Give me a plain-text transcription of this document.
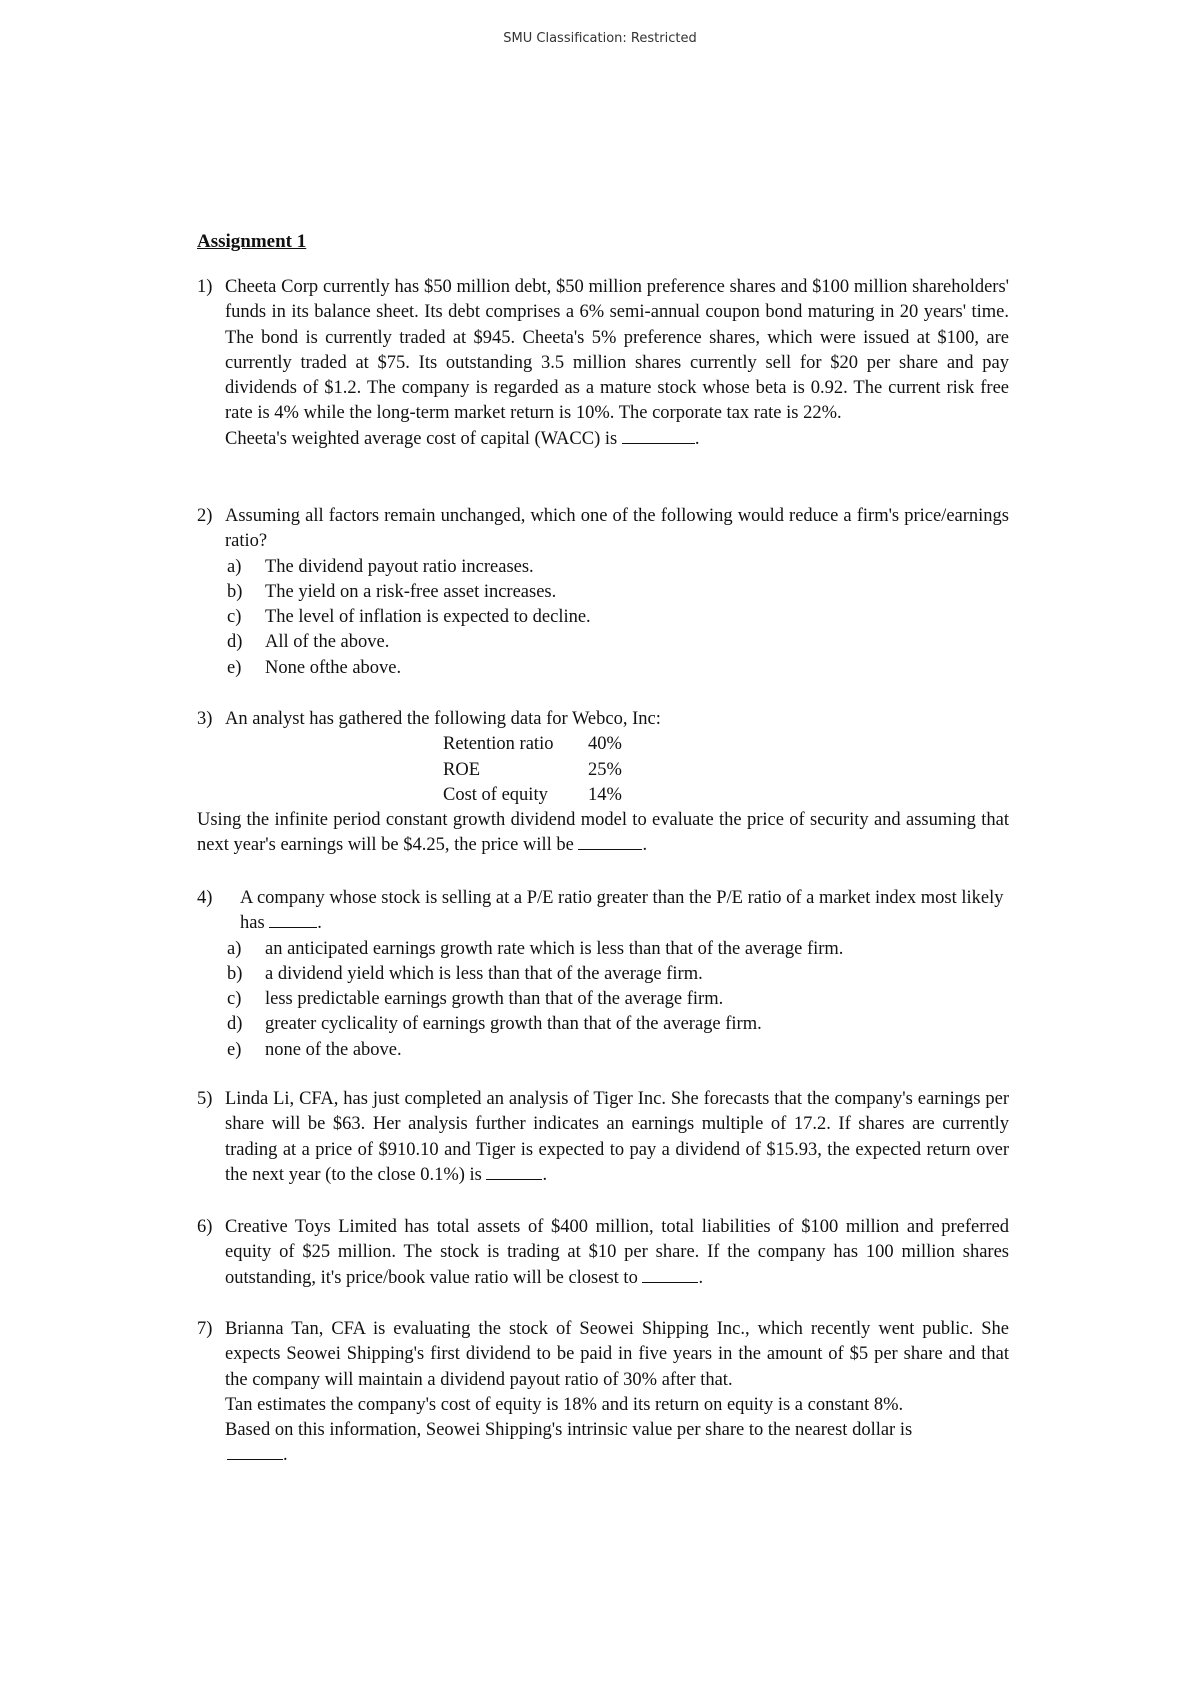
SMU Classification: Restricted
Assignment 1
1) Cheeta Corp currently has $50 million debt, $50 million preference shares and $100 million shareholders' funds in its balance sheet. Its debt comprises a 6% semi-annual coupon bond maturing in 20 years' time. The bond is currently traded at $945. Cheeta's 5% preference shares, which were issued at $100, are currently traded at $75. Its outstanding 3.5 million shares currently sell for $20 per share and pay dividends of $1.2. The company is regarded as a mature stock whose beta is 0.92. The current risk free rate is 4% while the long-term market return is 10%. The corporate tax rate is 22%.
Cheeta's weighted average cost of capital (WACC) is	.
2) Assuming all factors remain unchanged, which one of the following would reduce a firm's price/earnings ratio?
a) The dividend payout ratio increases.
b) The yield on a risk-free asset increases.
c) The level of inflation is expected to decline.
d) All of the above.
e) None ofthe above.
3) An analyst has gathered the following data for Webco, Inc:
Retention ratio	40%
ROE	25%
Cost of equity	14%
Using the infinite period constant growth dividend model to evaluate the price of security and assuming that next year's earnings will be $4.25, the price will be	.
4) A company whose stock is selling at a P/E ratio greater than the P/E ratio of a market index most likely has	.
a) an anticipated earnings growth rate which is less than that of the average firm.
b) a dividend yield which is less than that of the average firm.
c) less predictable earnings growth than that of the average firm.
d) greater cyclicality of earnings growth than that of the average firm.
e) none of the above.
5) Linda Li, CFA, has just completed an analysis of Tiger Inc. She forecasts that the company's earnings per share will be $63. Her analysis further indicates an earnings multiple of 17.2. If shares are currently trading at a price of $910.10 and Tiger is expected to pay a dividend of $15.93, the expected return over the next year (to the close 0.1%) is	.
6) Creative Toys Limited has total assets of $400 million, total liabilities of $100 million and preferred equity of $25 million. The stock is trading at $10 per share. If the company has 100 million shares outstanding, it's price/book value ratio will be closest to	.
7) Brianna Tan, CFA is evaluating the stock of Seowei Shipping Inc., which recently went public. She expects Seowei Shipping's first dividend to be paid in five years in the amount of $5 per share and that the company will maintain a dividend payout ratio of 30% after that.
Tan estimates the company's cost of equity is 18% and its return on equity is a constant 8%.
Based on this information, Seowei Shipping's intrinsic value per share to the nearest dollar is
.
